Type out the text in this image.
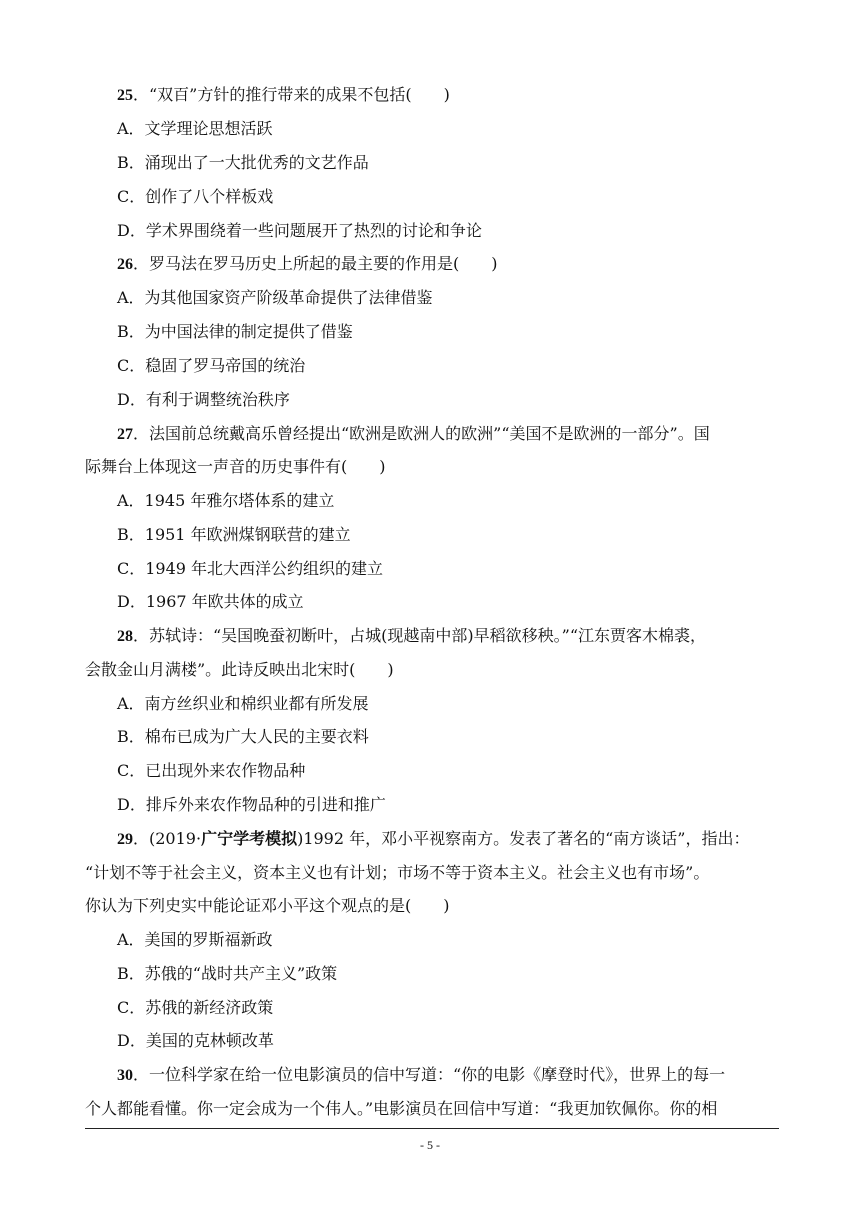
25．“双百”方针的推行带来的成果不包括(　　)
A．文学理论思想活跃
B．涌现出了一大批优秀的文艺作品
C．创作了八个样板戏
D．学术界围绕着一些问题展开了热烈的讨论和争论
26．罗马法在罗马历史上所起的最主要的作用是(　　)
A．为其他国家资产阶级革命提供了法律借鉴
B．为中国法律的制定提供了借鉴
C．稳固了罗马帝国的统治
D．有利于调整统治秩序
27．法国前总统戴高乐曾经提出“欧洲是欧洲人的欧洲”“美国不是欧洲的一部分”。国
际舞台上体现这一声音的历史事件有(　　)
A．1945 年雅尔塔体系的建立
B．1951 年欧洲煤钢联营的建立
C．1949 年北大西洋公约组织的建立
D．1967 年欧共体的成立
28．苏轼诗：“吴国晚蚕初断叶，占城(现越南中部)早稻欲移秧。”“江东贾客木棉裘，
会散金山月满楼”。此诗反映出北宋时(　　)
A．南方丝织业和棉织业都有所发展
B．棉布已成为广大人民的主要衣料
C．已出现外来农作物品种
D．排斥外来农作物品种的引进和推广
29．(2019·广宁学考模拟)1992 年，邓小平视察南方。发表了著名的“南方谈话”，指出：
“计划不等于社会主义，资本主义也有计划；市场不等于资本主义。社会主义也有市场”。
你认为下列史实中能论证邓小平这个观点的是(　　)
A．美国的罗斯福新政
B．苏俄的“战时共产主义”政策
C．苏俄的新经济政策
D．美国的克林顿改革
30．一位科学家在给一位电影演员的信中写道：“你的电影《摩登时代》，世界上的每一
个人都能看懂。你一定会成为一个伟人。”电影演员在回信中写道：“我更加钦佩你。你的相
- 5 -
